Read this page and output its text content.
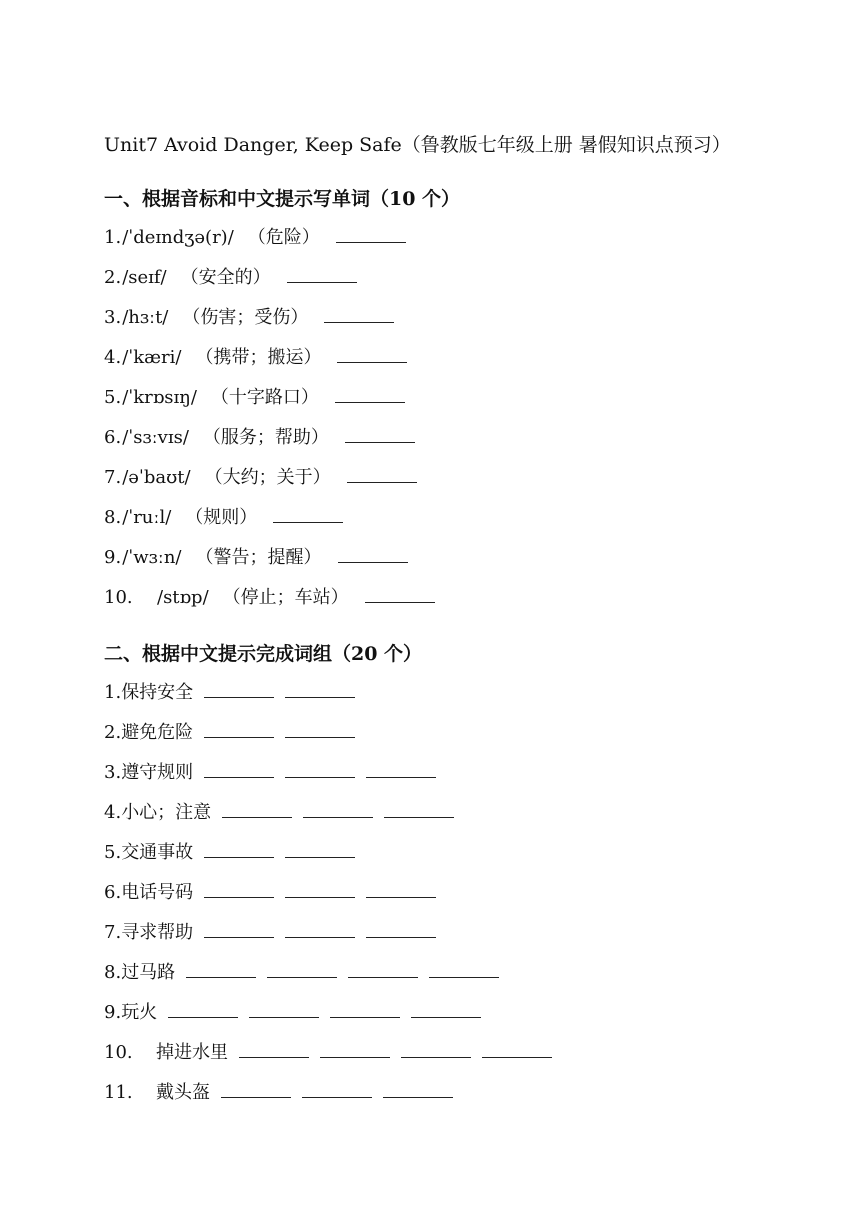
Unit7 Avoid Danger, Keep Safe（鲁教版七年级上册 暑假知识点预习）
一、根据音标和中文提示写单词（10 个）
1. /ˈdeɪndʒə(r)/ （危险）
2. /seɪf/ （安全的）
3. /hɜːt/ （伤害；受伤）
4. /ˈkæri/ （携带；搬运）
5. /ˈkrɒsɪŋ/ （十字路口）
6. /ˈsɜːvɪs/ （服务；帮助）
7. /əˈbaʊt/ （大约；关于）
8. /ˈruːl/ （规则）
9. /ˈwɜːn/ （警告；提醒）
10.	/stɒp/ （停止；车站）
二、根据中文提示完成词组（20 个）
1. 保持安全
2. 避免危险
3. 遵守规则
4. 小心；注意
5. 交通事故
6. 电话号码
7. 寻求帮助
8. 过马路
9. 玩火
10.	掉进水里
11.	戴头盔
